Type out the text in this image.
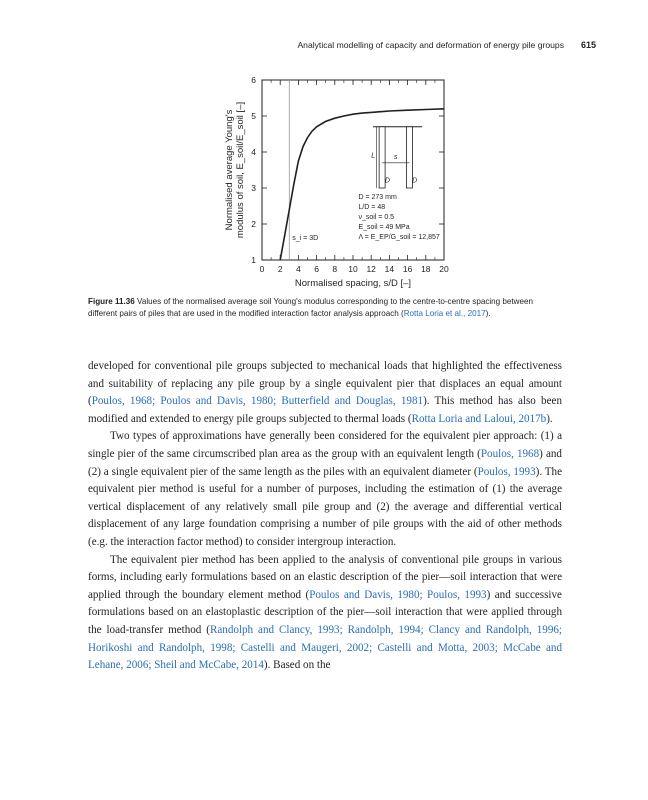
Analytical modelling of capacity and deformation of energy pile groups 615
0 2 4 6 8 10 12 14 16 18 20
1
2
3
4
5
6
Normalised spacing, s/D [–]
Normalised average Young's modulus of soil, E_soil/E_soil [–]
s_i = 3D
L	s
D	D
D = 273 mm
L/D = 48
ν_soil = 0.5
E_soil = 49 MPa
Λ = E_EP/G_soil = 12,857
Figure 11.36 Values of the normalised average soil Young's modulus corresponding to the centre-to-centre spacing between different pairs of piles that are used in the modified interaction factor analysis approach (Rotta Loria et al., 2017).

developed for conventional pile groups subjected to mechanical loads that highlighted the effectiveness and suitability of replacing any pile group by a single equivalent pier that displaces an equal amount (Poulos, 1968; Poulos and Davis, 1980; Butterfield and Douglas, 1981). This method has also been modified and extended to energy pile groups subjected to thermal loads (Rotta Loria and Laloui, 2017b).

Two types of approximations have generally been considered for the equivalent pier approach: (1) a single pier of the same circumscribed plan area as the group with an equivalent length (Poulos, 1968) and (2) a single equivalent pier of the same length as the piles with an equivalent diameter (Poulos, 1993). The equivalent pier method is useful for a number of purposes, including the estimation of (1) the average vertical displacement of any relatively small pile group and (2) the average and differential vertical displacement of any large foundation comprising a number of pile groups with the aid of other methods (e.g. the interaction factor method) to consider intergroup interaction.

The equivalent pier method has been applied to the analysis of conventional pile groups in various forms, including early formulations based on an elastic description of the pier—soil interaction that were applied through the boundary element method (Poulos and Davis, 1980; Poulos, 1993) and successive formulations based on an elastoplastic description of the pier—soil interaction that were applied through the load-transfer method (Randolph and Clancy, 1993; Randolph, 1994; Clancy and Randolph, 1996; Horikoshi and Randolph, 1998; Castelli and Maugeri, 2002; Castelli and Motta, 2003; McCabe and Lehane, 2006; Sheil and McCabe, 2014). Based on the
